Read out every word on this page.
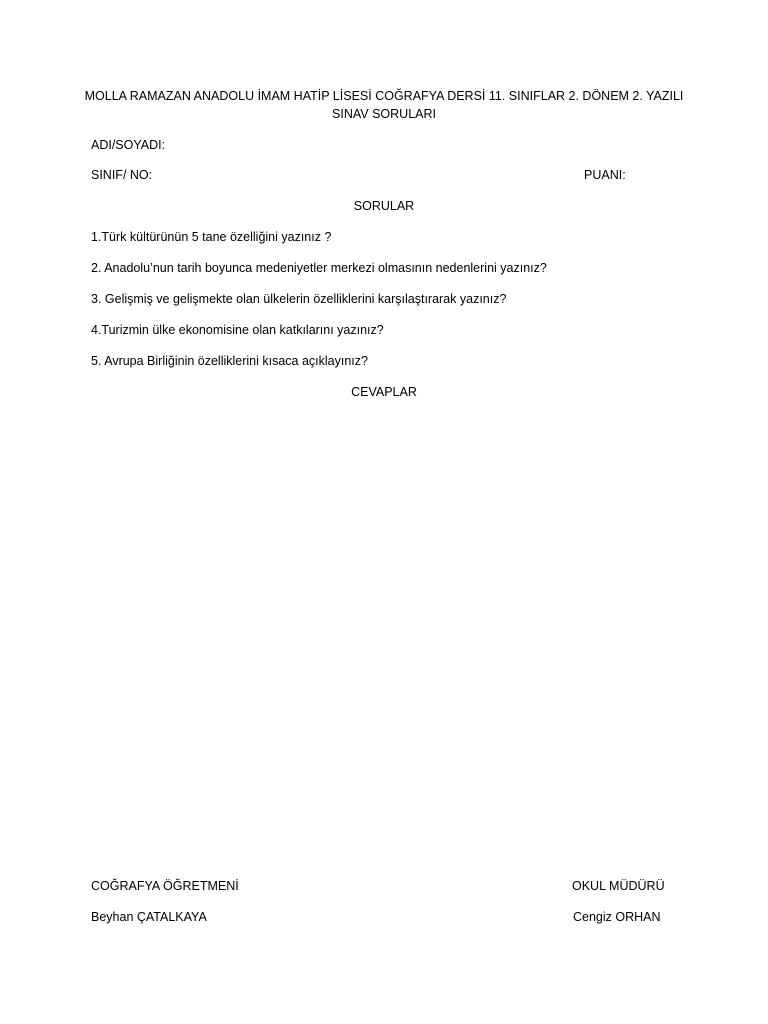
MOLLA RAMAZAN ANADOLU İMAM HATİP LİSESİ COĞRAFYA DERSİ 11. SINIFLAR 2. DÖNEM 2. YAZILI
SINAV SORULARI
ADI/SOYADI:
SINIF/ NO:	PUANI:
SORULAR
1.Türk kültürünün 5 tane özelliğini yazınız ?
2. Anadolu’nun tarih boyunca medeniyetler merkezi olmasının nedenlerini yazınız?
3. Gelişmiş ve gelişmekte olan ülkelerin özelliklerini karşılaştırarak yazınız?
4.Turizmin ülke ekonomisine olan katkılarını yazınız?
5. Avrupa Birliğinin özelliklerini kısaca açıklayınız?
CEVAPLAR
COĞRAFYA ÖĞRETMENİ	OKUL MÜDÜRÜ
Beyhan ÇATALKAYA	Cengiz ORHAN
